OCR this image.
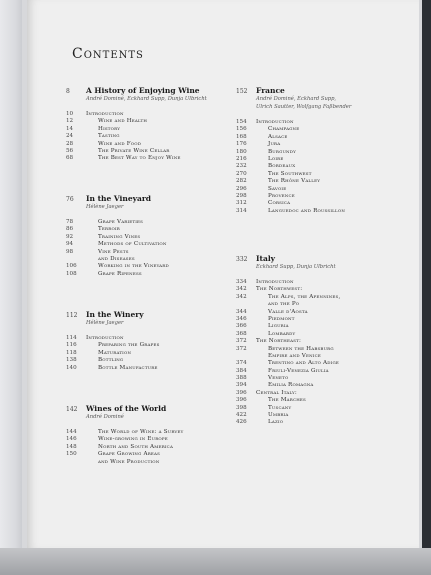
Contents
8	A History of Enjoying Wine
André Dominé, Eckhard Supp, Dunja Ulbricht
10	Introduction
12	Wine and Health
14	History
24	Tasting
28	Wine and Food
56	The Private Wine Cellar
68	The Best Way to Enjoy Wine
76	In the Vineyard
Hélène Jaeger
78	Grape Varieties
86	Terroir
92	Training Vines
94	Methods of Cultivation
98	Vine Pests
and Diseases
106	Working in the Vineyard
108	Grape Ripeness
112	In the Winery
Hélène Jaeger
114	Introduction
116	Preparing the Grapes
118	Maturation
138	Bottling
140	Bottle Manufacture
142	Wines of the World
André Dominé
144	The World of Wine: a Survey
146	Wine-growing in Europe
148	North and South America
150	Grape Growing Areas
and Wine Production
152	France
André Dominé, Eckhard Supp,
Ulrich Sautter, Wolfgang Faßbender
154	Introduction
156	Champagne
168	Alsace
176	Jura
180	Burgundy
216	Loire
232	Bordeaux
270	The Southwest
282	The Rhône Valley
296	Savoie
298	Provence
312	Corsica
314	Languedoc and Roussillon
332	Italy
Eckhard Supp, Dunja Ulbricht
334	Introduction
342	The Northwest:
342	The Alps, the Apennines,
and the Po
344	Valle d'Aosta
346	Piedmont
366	Liguria
368	Lombardy
372	The Northeast:
372	Between the Habsburg
Empire and Venice
374	Trentino and Alto Adige
384	Friuli-Venezia Giulia
388	Veneto
394	Emilia Romagna
396	Central Italy:
396	The Marches
398	Tuscany
422	Umbria
426	Lazio
